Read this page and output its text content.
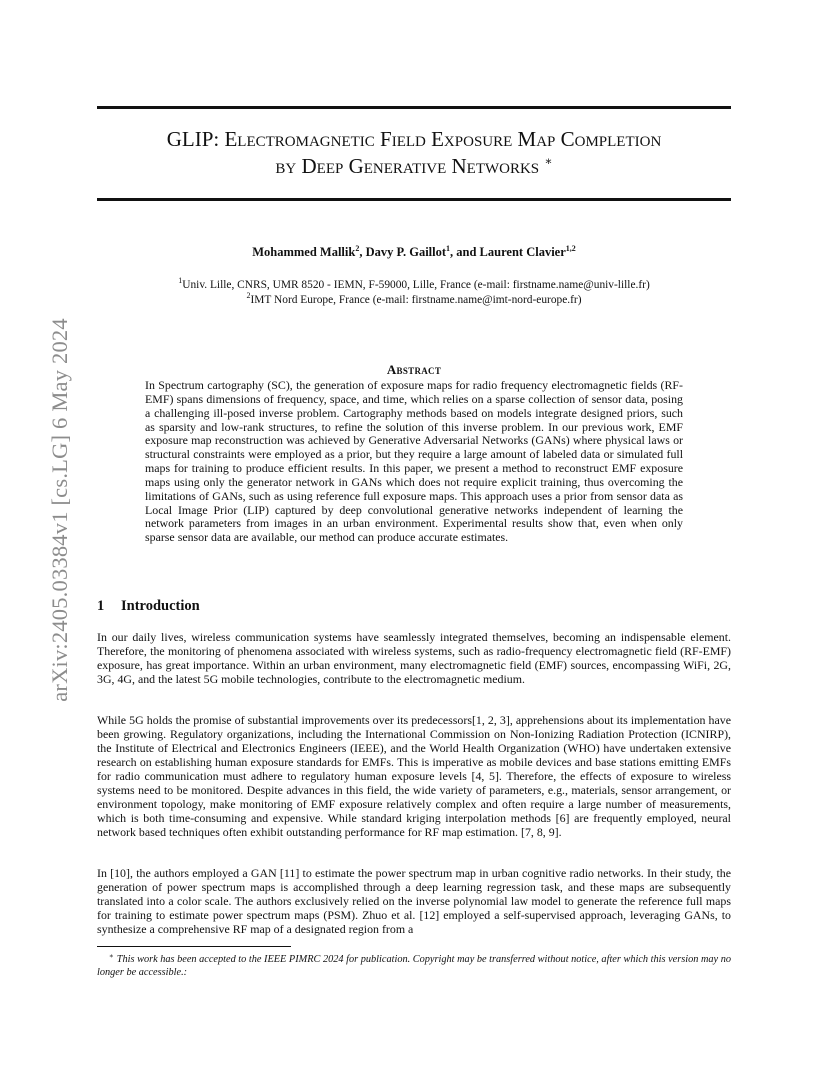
arXiv:2405.03384v1 [cs.LG] 6 May 2024
GLIP: Electromagnetic Field Exposure Map Completion
by Deep Generative Networks ∗
Mohammed Mallik$^2$, Davy P. Gaillot$^1$, and Laurent Clavier$^{1,2}$
$^1$Univ. Lille, CNRS, UMR 8520 - IEMN, F-59000, Lille, France (e-mail: firstname.name@univ-lille.fr)
$^2$IMT Nord Europe, France (e-mail: firstname.name@imt-nord-europe.fr)
Abstract
In Spectrum cartography (SC), the generation of exposure maps for radio frequency electromagnetic fields (RF-EMF) spans dimensions of frequency, space, and time, which relies on a sparse collection of sensor data, posing a challenging ill-posed inverse problem. Cartography methods based on models integrate designed priors, such as sparsity and low-rank structures, to refine the solution of this inverse problem. In our previous work, EMF exposure map reconstruction was achieved by Generative Adversarial Networks (GANs) where physical laws or structural constraints were employed as a prior, but they require a large amount of labeled data or simulated full maps for training to produce efficient results. In this paper, we present a method to reconstruct EMF exposure maps using only the generator network in GANs which does not require explicit training, thus overcoming the limitations of GANs, such as using reference full exposure maps. This approach uses a prior from sensor data as Local Image Prior (LIP) captured by deep convolutional generative networks independent of learning the network parameters from images in an urban environment. Experimental results show that, even when only sparse sensor data are available, our method can produce accurate estimates.
1 Introduction

In our daily lives, wireless communication systems have seamlessly integrated themselves, becoming an indispensable element. Therefore, the monitoring of phenomena associated with wireless systems, such as radio-frequency electromagnetic field (RF-EMF) exposure, has great importance. Within an urban environment, many electromagnetic field (EMF) sources, encompassing WiFi, 2G, 3G, 4G, and the latest 5G mobile technologies, contribute to the electromagnetic medium.

While 5G holds the promise of substantial improvements over its predecessors[1, 2, 3], apprehensions about its implementation have been growing. Regulatory organizations, including the International Commission on Non-Ionizing Radiation Protection (ICNIRP), the Institute of Electrical and Electronics Engineers (IEEE), and the World Health Organization (WHO) have undertaken extensive research on establishing human exposure standards for EMFs. This is imperative as mobile devices and base stations emitting EMFs for radio communication must adhere to regulatory human exposure levels [4, 5]. Therefore, the effects of exposure to wireless systems need to be monitored. Despite advances in this field, the wide variety of parameters, e.g., materials, sensor arrangement, or environment topology, make monitoring of EMF exposure relatively complex and often require a large number of measurements, which is both time-consuming and expensive. While standard kriging interpolation methods [6] are frequently employed, neural network based techniques often exhibit outstanding performance for RF map estimation. [7, 8, 9].

In [10], the authors employed a GAN [11] to estimate the power spectrum map in urban cognitive radio networks. In their study, the generation of power spectrum maps is accomplished through a deep learning regression task, and these maps are subsequently translated into a color scale. The authors exclusively relied on the inverse polynomial law model to generate the reference full maps for training to estimate power spectrum maps (PSM). Zhuo et al. [12] employed a self-supervised approach, leveraging GANs, to synthesize a comprehensive RF map of a designated region from a

∗ This work has been accepted to the IEEE PIMRC 2024 for publication. Copyright may be transferred without notice, after which this version may no longer be accessible.:
